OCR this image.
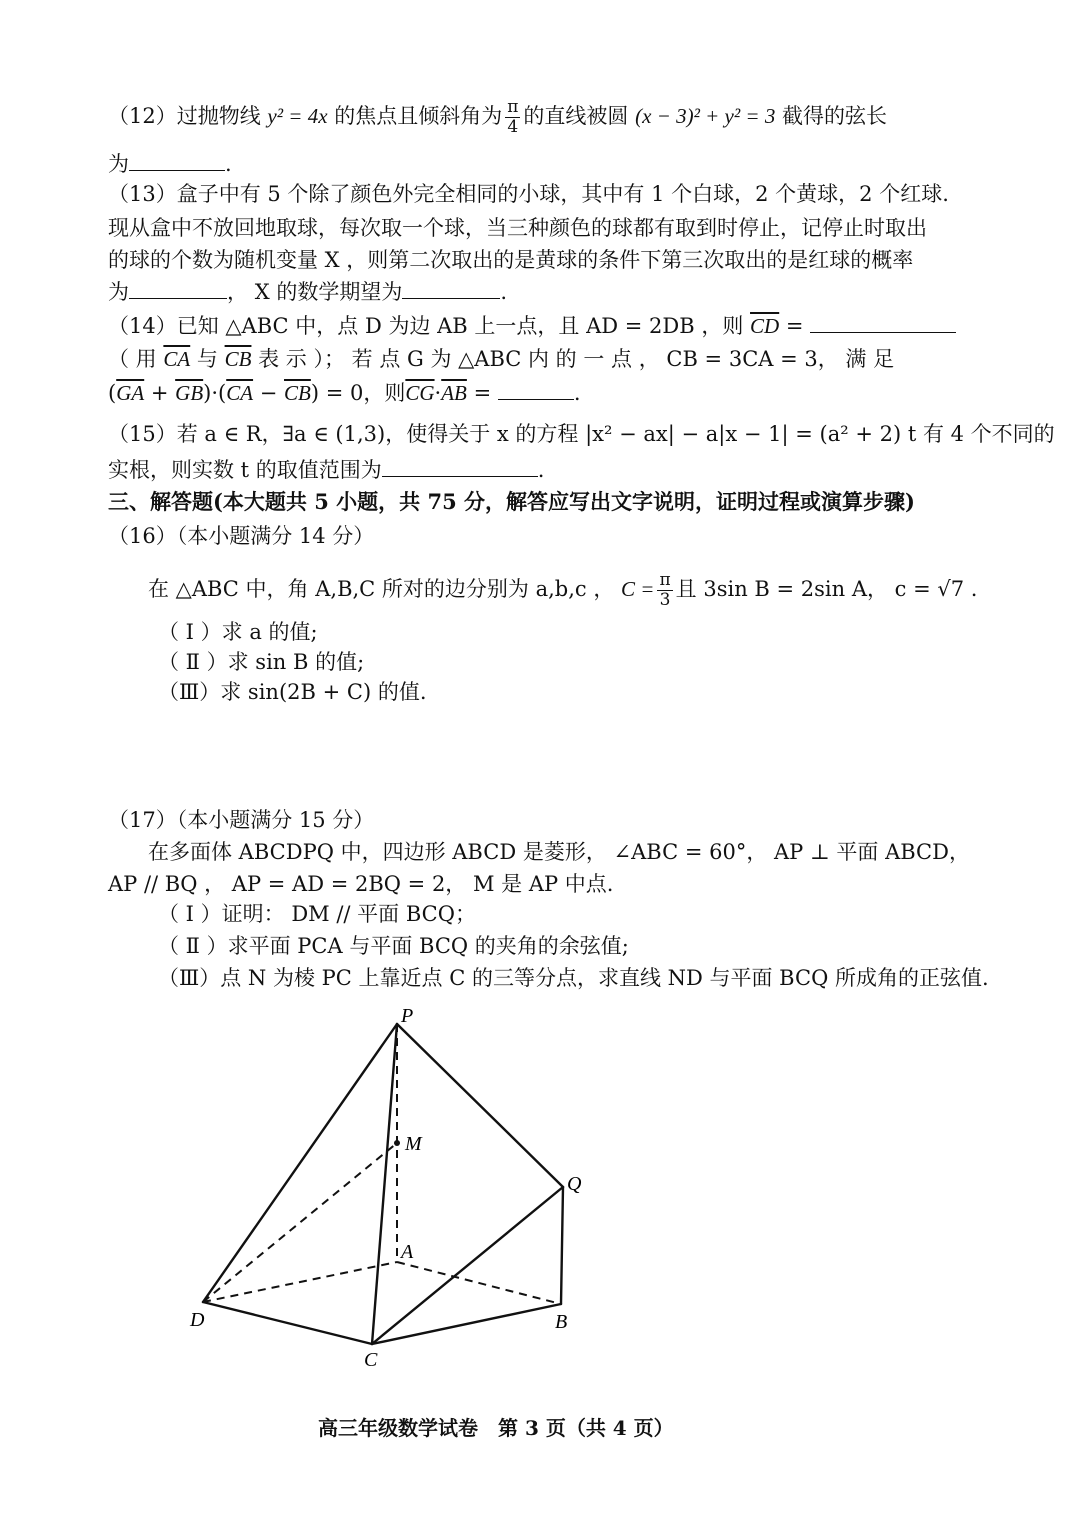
（12）过抛物线 y² = 4x 的焦点且倾斜角为 $\frac{\pi}{4}$ 的直线被圆 (x − 3)² + y² = 3 截得的弦长
为	.
（13）盒子中有 5 个除了颜色外完全相同的小球，其中有 1 个白球，2 个黄球，2 个红球.
现从盒中不放回地取球，每次取一个球，当三种颜色的球都有取到时停止，记停止时取出
的球的个数为随机变量 X ，则第二次取出的是黄球的条件下第三次取出的是红球的概率
为	， X 的数学期望为	.
（14）已知 △ABC 中，点 D 为边 AB 上一点，且 AD = 2DB ，则 $\overline{CD}$ =
（ 用 $\overline{CA}$ 与 $\overline{CB}$ 表 示 ）； 若 点 G 为 △ABC 内 的 一 点 ， CB = 3CA = 3， 满 足
$(\overline{GA} + \overline{GB})\cdot(\overline{CA} - \overline{CB}) = 0$，则$\overline{CG}\cdot\overline{AB}$ =	.
（15）若 a ∈ R，∃a ∈ (1,3)，使得关于 x 的方程 |x² − ax| − a|x − 1| = (a² + 2) t 有 4 个不同的
实根，则实数 t 的取值范围为	.
三、解答题(本大题共 5 小题，共 75 分，解答应写出文字说明，证明过程或演算步骤)
（16）（本小题满分 14 分）
在 △ABC 中，角 A,B,C 所对的边分别为 a,b,c ， $C = \frac{\pi}{3}$ 且 3sin B = 2sin A， c = √7 .
（ Ⅰ ）求 a 的值;
（ Ⅱ ）求 sin B 的值;
（Ⅲ）求 sin(2B + C) 的值.
（17）（本小题满分 15 分）
在多面体 ABCDPQ 中，四边形 ABCD 是菱形， ∠ABC = 60°， AP ⊥ 平面 ABCD，
AP // BQ ， AP = AD = 2BQ = 2， M 是 AP 中点.
（ Ⅰ ）证明： DM // 平面 BCQ；
（ Ⅱ ）求平面 PCA 与平面 BCQ 的夹角的余弦值;
（Ⅲ）点 N 为棱 PC 上靠近点 C 的三等分点，求直线 ND 与平面 BCQ 所成角的正弦值.
P
M
Q
A
D	B
C
高三年级数学试卷　第 3 页（共 4 页）
